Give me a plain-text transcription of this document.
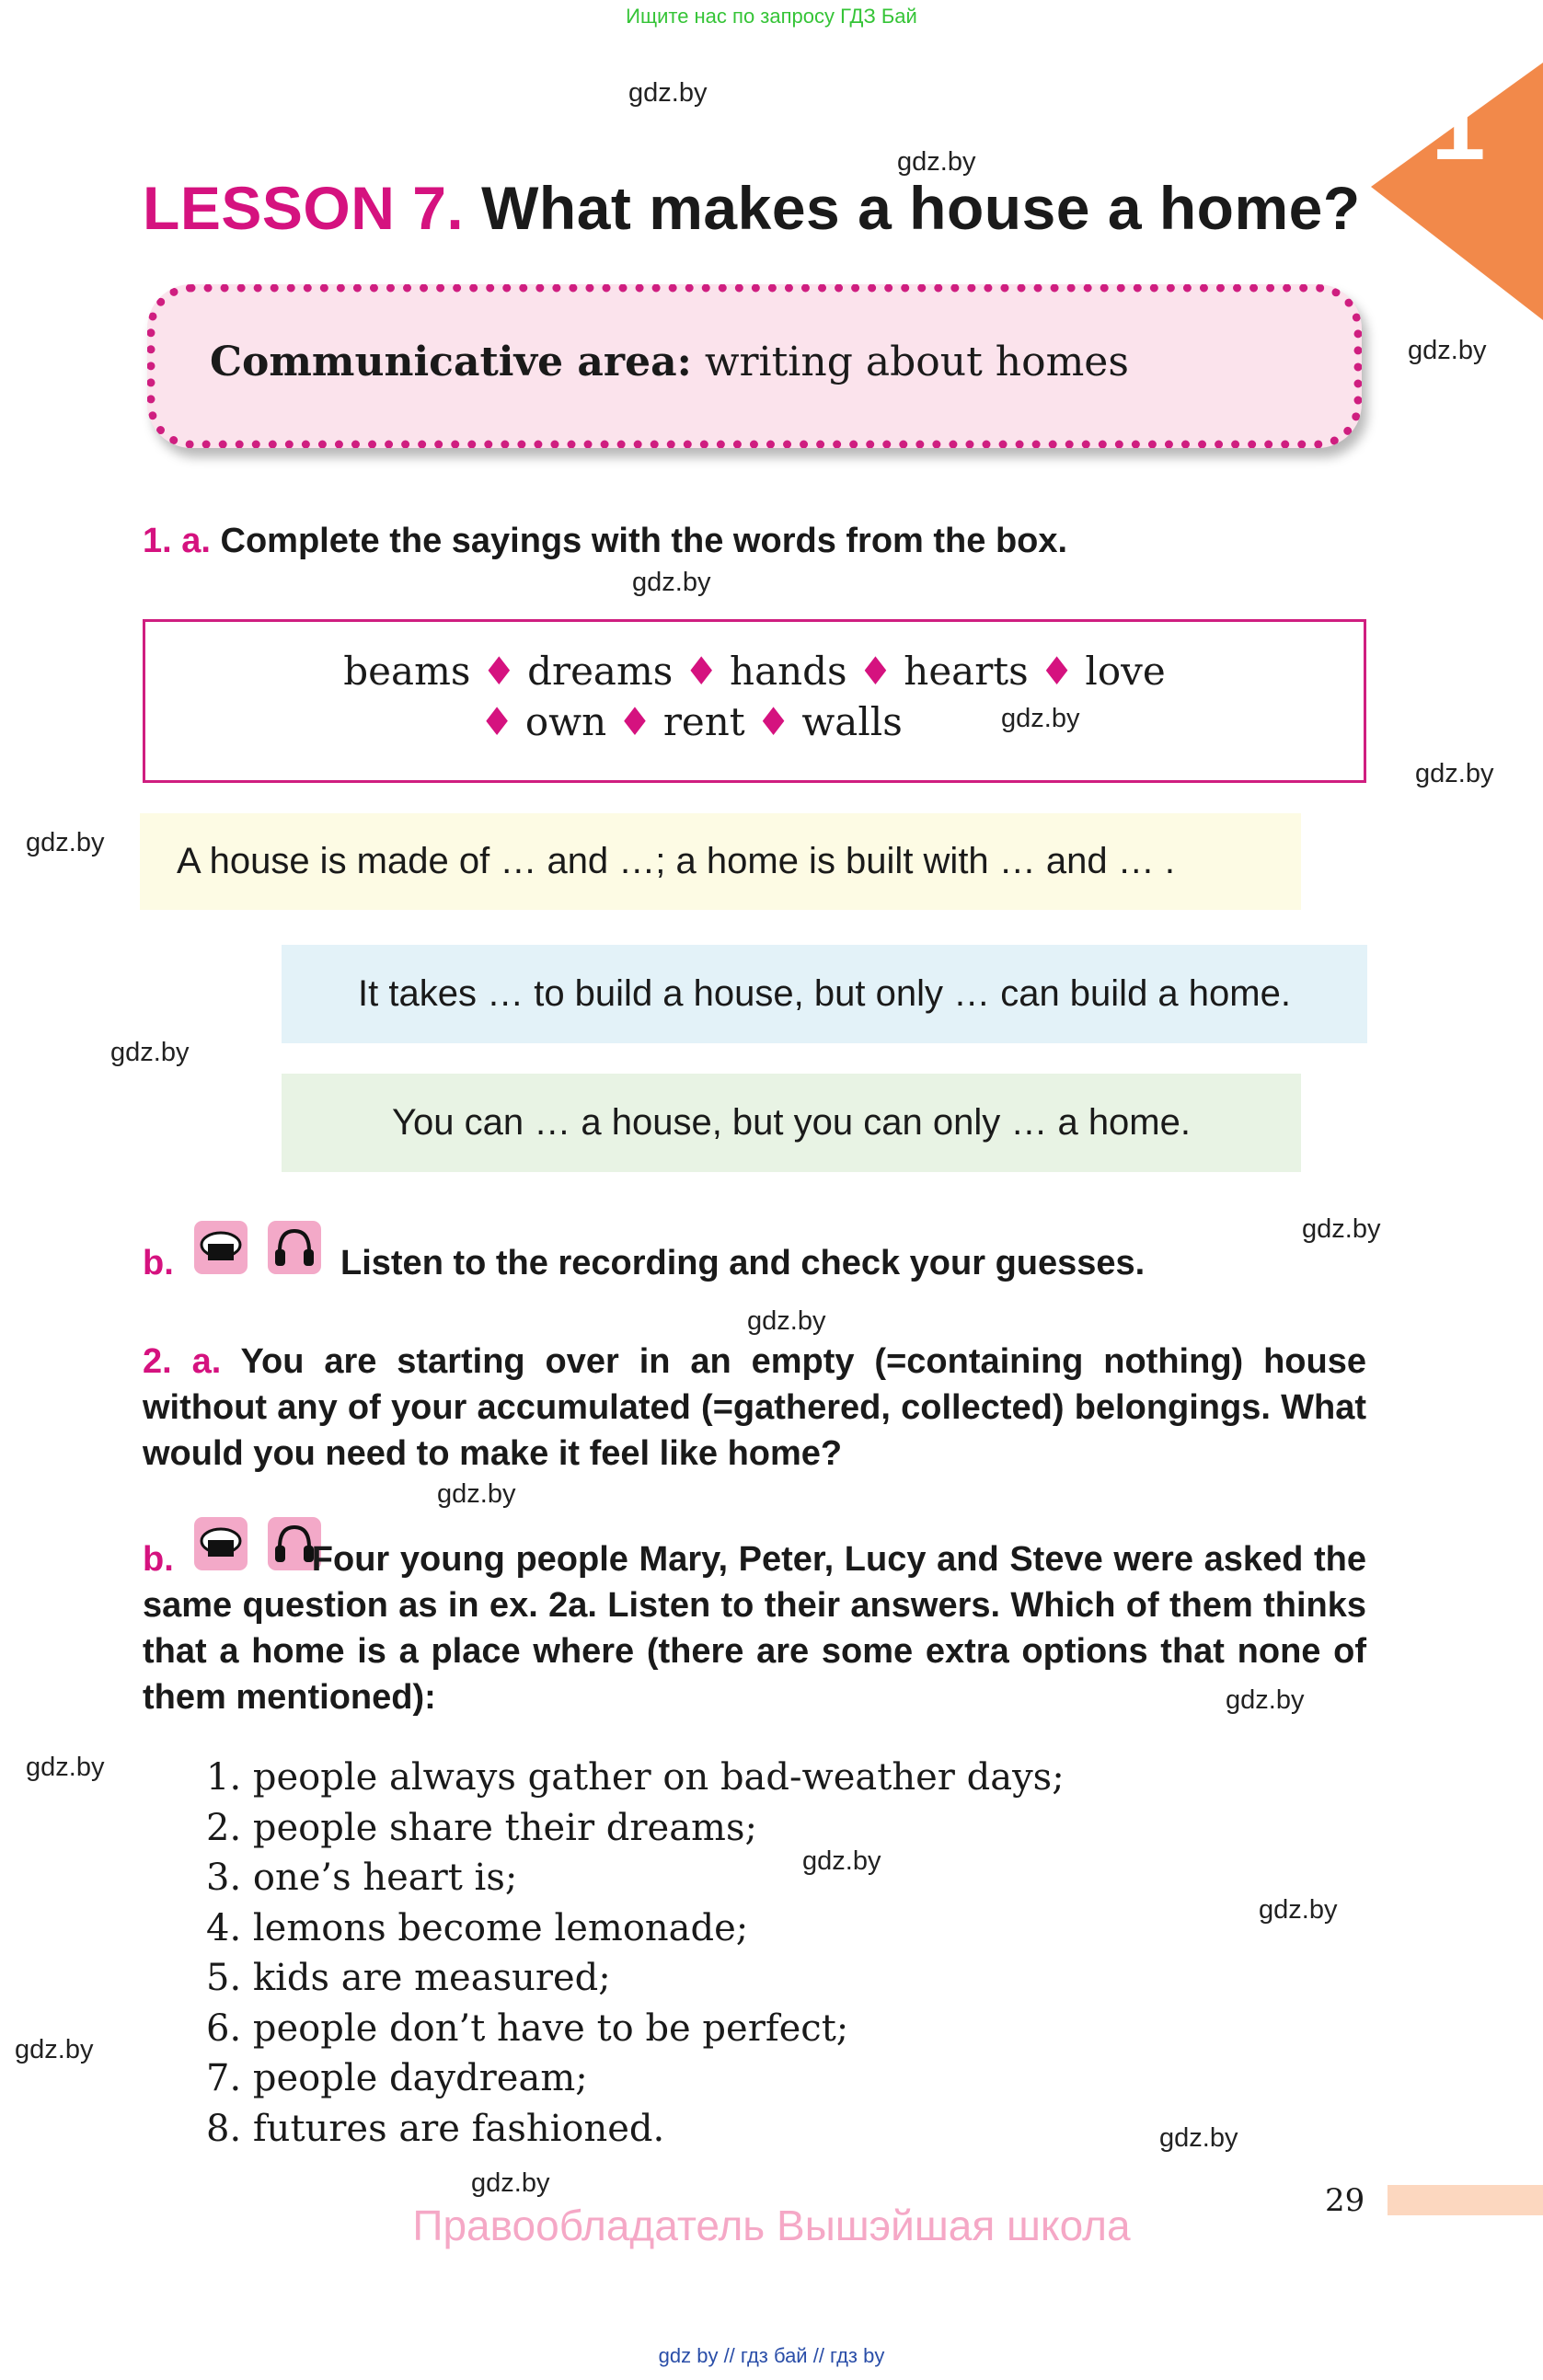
Ищите нас по запросу ГДЗ Бай
gdz.by
gdz.by
gdz.by
gdz.by
gdz.by
gdz.by
gdz.by
gdz.by
gdz.by
gdz.by
gdz.by
gdz.by
gdz.by
gdz.by
gdz.by
gdz.by
gdz.by
gdz.by
1
LESSON 7. What makes a house a home?
Communicative area: writing about homes
1. a. Complete the sayings with the words from the box.
beams ♦ dreams ♦ hands ♦ hearts ♦ love
♦ own ♦ rent ♦ walls
A house is made of … and …; a home is built with … and … .
It takes … to build a house, but only … can build a home.
You can … a house, but you can only … a home.
b.	Listen to the recording and check your guesses.
2. a. You are starting over in an empty (=containing nothing) house without any of your accumulated (=gathered, collected) belongings. What would you need to make it feel like home?
b.	Four young people Mary, Peter, Lucy and Steve were asked the same question as in ex. 2a. Listen to their answers. Which of them thinks that a home is a place where (there are some extra options that none of them mentioned):
1. people always gather on bad-weather days;
2. people share their dreams;
3. one’s heart is;
4. lemons become lemonade;
5. kids are measured;
6. people don’t have to be perfect;
7. people daydream;
8. futures are fashioned.
29
Правообладатель Вышэйшая школа
gdz by // гдз бай // гдз by
